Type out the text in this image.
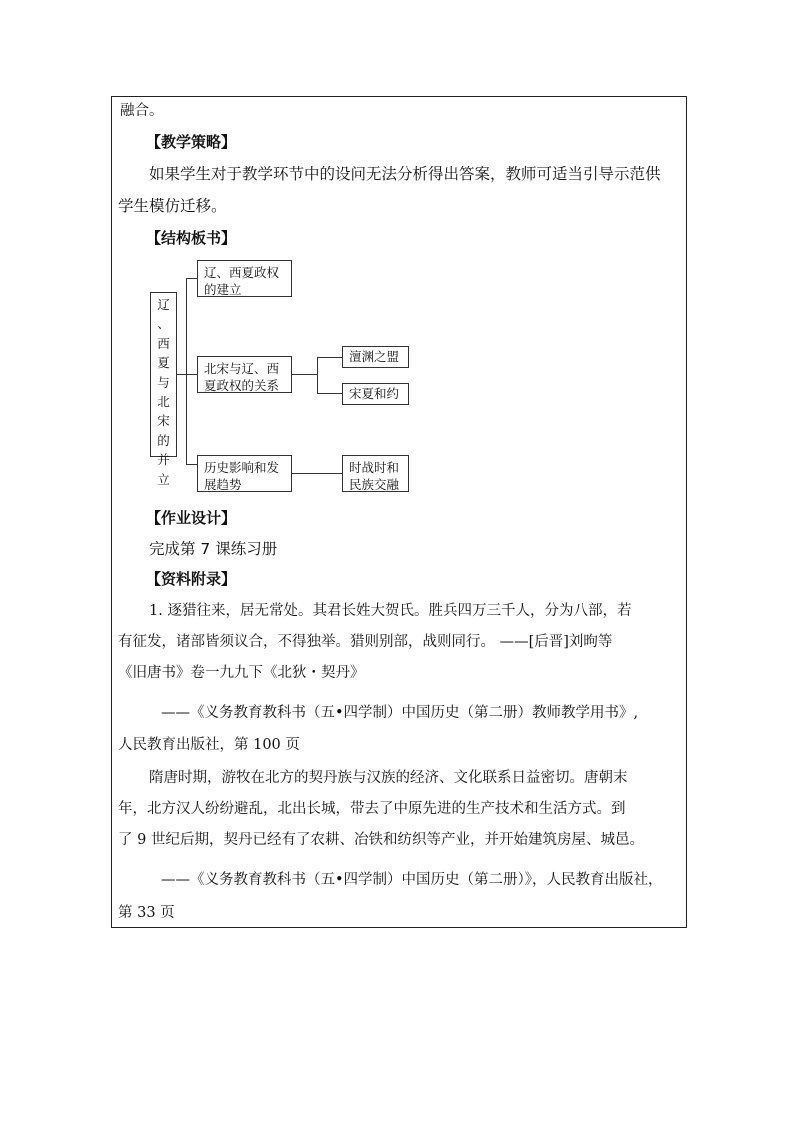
融合。
【教学策略】
如果学生对于教学环节中的设问无法分析得出答案，教师可适当引导示范供
学生模仿迁移。
【结构板书】
辽
、
西
夏
与
北
宋
的
并
立
辽、西夏政权
的建立
北宋与辽、西
夏政权的关系
历史影响和发
展趋势
澶渊之盟
宋夏和约
时战时和
民族交融
【作业设计】
完成第 7 课练习册
【资料附录】
1. 逐猎往来，居无常处。其君长姓大贺氏。胜兵四万三千人，分为八部，若
有征发，诸部皆须议合，不得独举。猎则别部，战则同行。 ——[后晋]刘昫等
《旧唐书》卷一九九下《北狄・契丹》
——《义务教育教科书（五•四学制）中国历史（第二册）教师教学用书》,
人民教育出版社，第 100 页
隋唐时期，游牧在北方的契丹族与汉族的经济、文化联系日益密切。唐朝末
年，北方汉人纷纷避乱，北出长城，带去了中原先进的生产技术和生活方式。到
了 9 世纪后期，契丹已经有了农耕、冶铁和纺织等产业，并开始建筑房屋、城邑。
——《义务教育教科书（五•四学制）中国历史（第二册）》，人民教育出版社，
第 33 页
